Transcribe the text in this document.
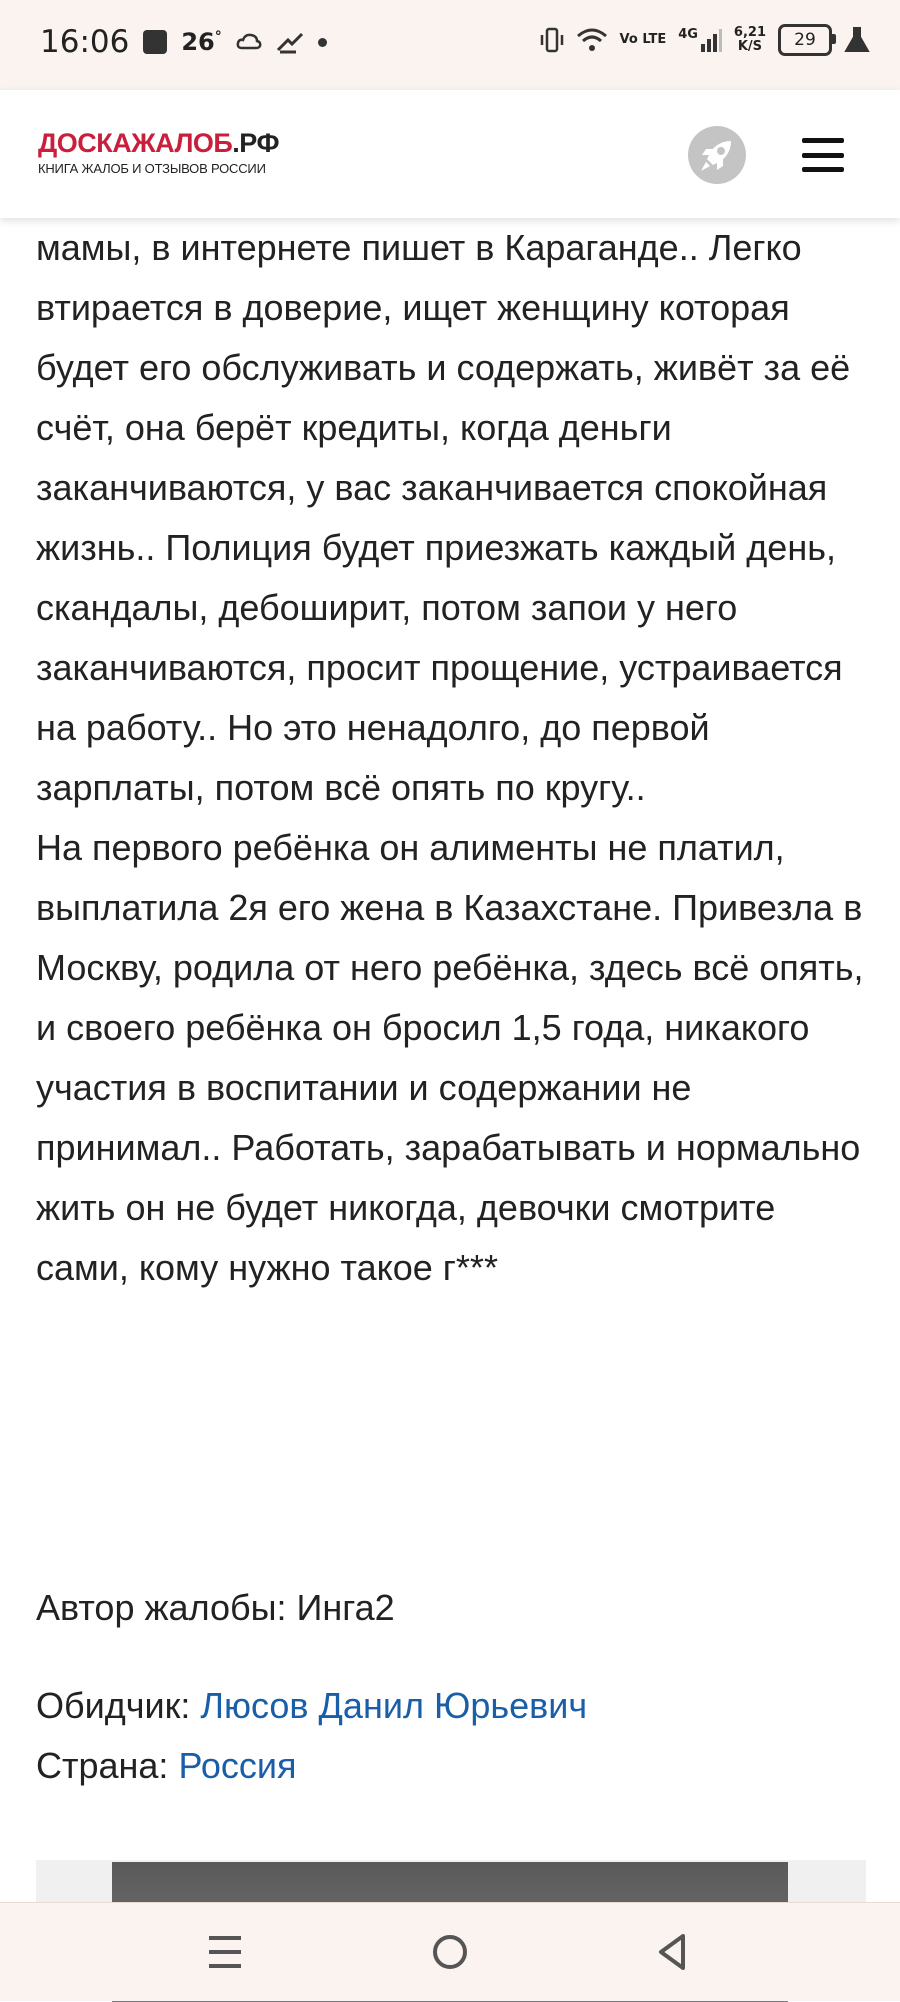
16:06 26°	Vo LTE 4G	6,21
K/S 29
ДОСКАЖАЛОБ.РФ
КНИГА ЖАЛОБ И ОТЗЫВОВ РОССИИ

мамы, в интернете пишет в Караганде.. Легко втирается в доверие, ищет женщину которая будет его обслуживать и содержать, живёт за её счёт, она берёт кредиты, когда деньги заканчиваются, у вас заканчивается спокойная жизнь.. Полиция будет приезжать каждый день, скандалы, дебоширит, потом запои у него заканчиваются, просит прощение, устраивается на работу.. Но это ненадолго, до первой зарплаты, потом всё опять по кругу..

На первого ребёнка он алименты не платил, выплатила 2я его жена в Казахстане. Привезла в Москву, родила от него ребёнка, здесь всё опять, и своего ребёнка он бросил 1,5 года, никакого участия в воспитании и содержании не принимал.. Работать, зарабатывать и нормально жить он не будет никогда, девочки смотрите сами, кому нужно такое г***

Автор жалобы: Инга2
Обидчик: Люсов Данил Юрьевич
Страна: Россия
